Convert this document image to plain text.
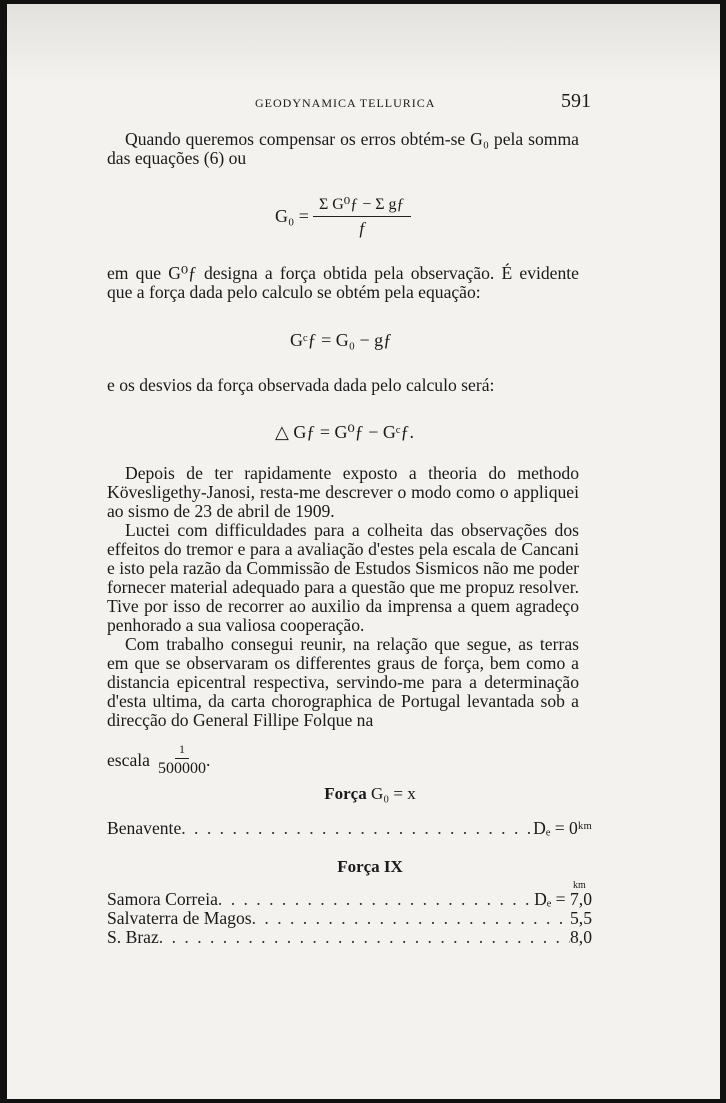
GEODYNAMICA TELLURICA	591

Quando queremos compensar os erros obtém-se G₀ pela somma das equações (6) ou

$G_0 = \frac{\text{Σ G⁰ƒ − Σ gƒ}}{f}$

em que G⁰ƒ designa a força obtida pela observação. É evidente que a força dada pelo calculo se obtém pela equação:

Gᶜƒ = G₀ − gƒ

e os desvios da força observada dada pelo calculo será:

△ Gƒ = G⁰ƒ − Gᶜƒ.

Depois de ter rapidamente exposto a theoria do methodo Kövesligethy-Janosi, resta-me descrever o modo como o appliquei ao sismo de 23 de abril de 1909.

Luctei com difficuldades para a colheita das observações dos effeitos do tremor e para a avaliação d'estes pela escala de Cancani e isto pela razão da Commissão de Estudos Sismicos não me poder fornecer material adequado para a questão que me propuz resolver. Tive por isso de recorrer ao auxilio da imprensa a quem agradeço penhorado a sua valiosa cooperação.

Com trabalho consegui reunir, na relação que segue, as terras em que se observaram os differentes graus de força, bem como a distancia epicentral respectiva, servindo-me para a determinação d'esta ultima, da carta chorographica de Portugal levantada sob a direcção do General Fillipe Folque na

escala $\frac{1}{500000}$ .
Força G₀ = x
Benavente . . .	Dₑ = 0ᵏᵐ
Força IX
km
Samora Correia . . .	Dₑ = 7,0
Salvaterra de Magos . . .	5,5
S. Braz . . .	8,0
